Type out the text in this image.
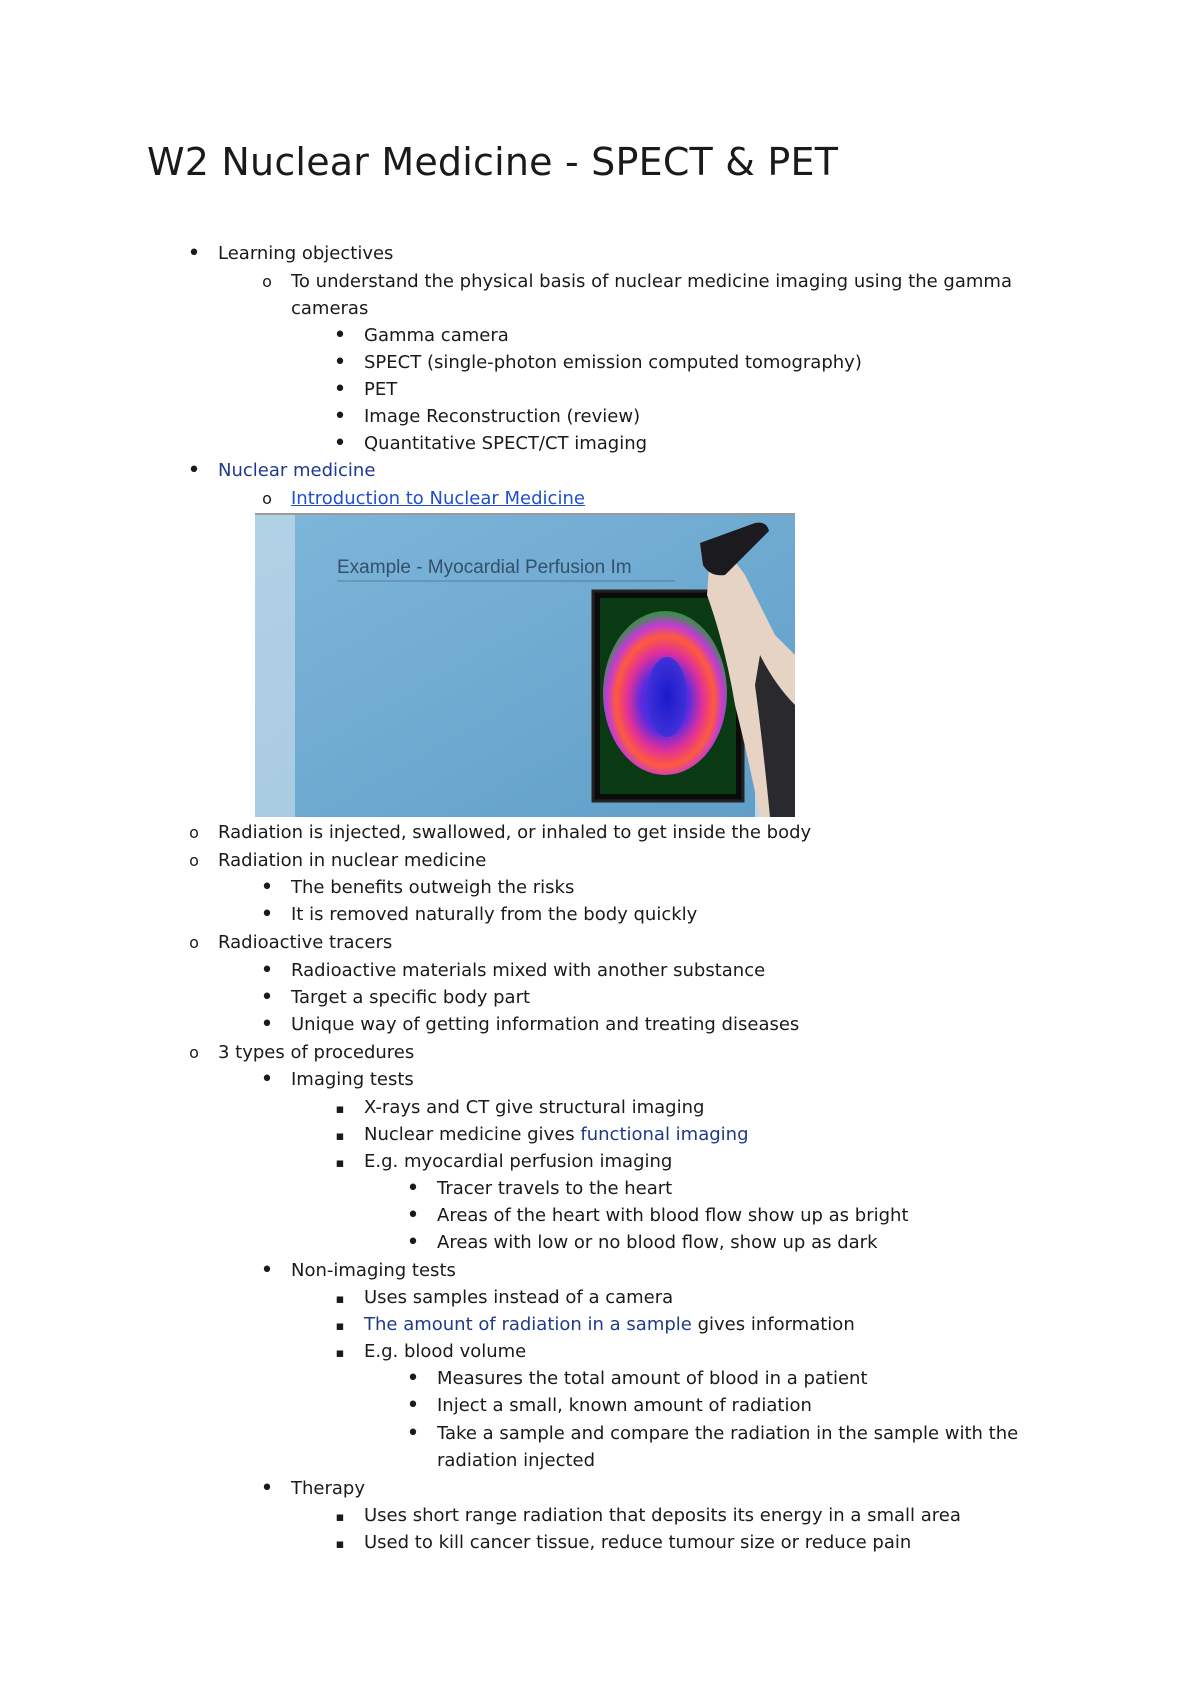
W2 Nuclear Medicine - SPECT & PET
•
Learning objectives
o
To understand the physical basis of nuclear medicine imaging using the gamma
cameras
•
Gamma camera
•
SPECT (single-photon emission computed tomography)
•
PET
•
Image Reconstruction (review)
•
Quantitative SPECT/CT imaging
•
Nuclear medicine
o
Introduction to Nuclear Medicine
Example - Myocardial Perfusion Im
o
Radiation is injected, swallowed, or inhaled to get inside the body
o
Radiation in nuclear medicine
•
The benefits outweigh the risks
•
It is removed naturally from the body quickly
o
Radioactive tracers
•
Radioactive materials mixed with another substance
•
Target a specific body part
•
Unique way of getting information and treating diseases
o
3 types of procedures
•
Imaging tests
▪
X-rays and CT give structural imaging
▪
Nuclear medicine gives functional imaging
▪
E.g. myocardial perfusion imaging
•
Tracer travels to the heart
•
Areas of the heart with blood flow show up as bright
•
Areas with low or no blood flow, show up as dark
•
Non-imaging tests
▪
Uses samples instead of a camera
▪
The amount of radiation in a sample gives information
▪
E.g. blood volume
•
Measures the total amount of blood in a patient
•
Inject a small, known amount of radiation
•
Take a sample and compare the radiation in the sample with the
radiation injected
•
Therapy
▪
Uses short range radiation that deposits its energy in a small area
▪
Used to kill cancer tissue, reduce tumour size or reduce pain
